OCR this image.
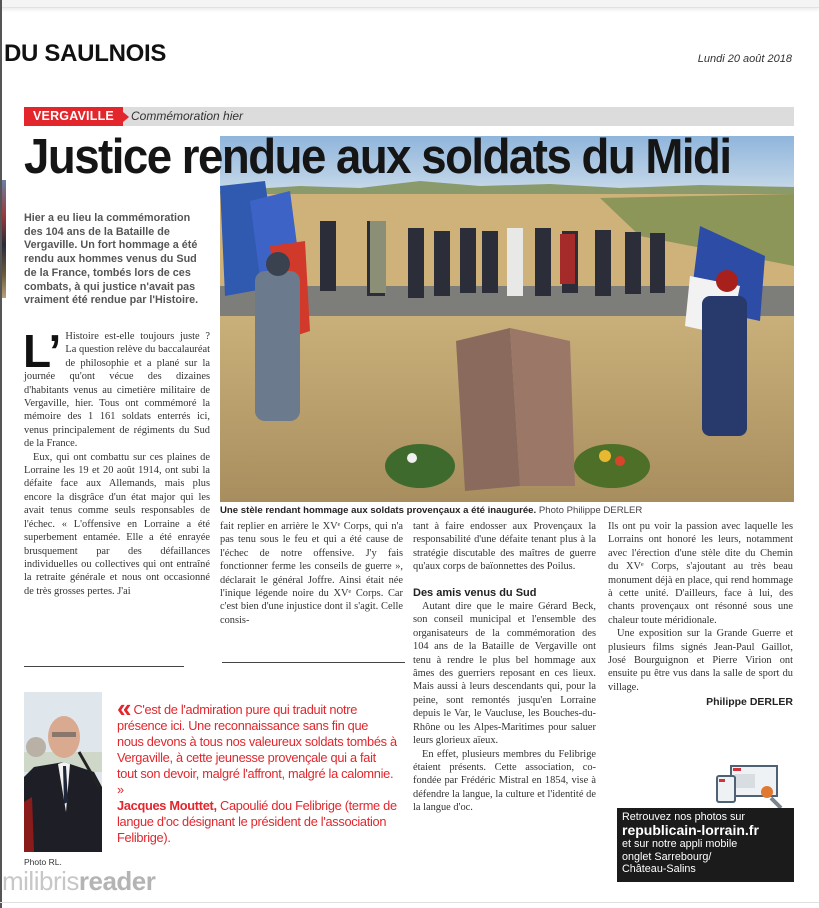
DU SAULNOIS	Lundi 20 août 2018
VERGAVILLE	Commémoration hier
Justice rendue aux soldats du Midi
Hier a eu lieu la commémoration des 104 ans de la Bataille de Vergaville. Un fort hommage a été rendu aux hommes venus du Sud de la France, tombés lors de ces combats, à qui justice n'avait pas vraiment été rendue par l'Histoire.

L’ Histoire est-elle toujours juste ? La question relève du baccalauréat de philosophie et a plané sur la journée qu'ont vécue des dizaines d'habitants venus au cimetière militaire de Vergaville, hier. Tous ont commémoré la mémoire des 1 161 soldats enterrés ici, venus principalement de régiments du Sud de la France.

Eux, qui ont combattu sur ces plaines de Lorraine les 19 et 20 août 1914, ont subi la défaite face aux Allemands, mais plus encore la disgrâce d'un état major qui les avait tenus comme seuls responsables de l'échec. « L'offensive en Lorraine a été superbement entamée. Elle a été enrayée brusquement par des défaillances individuelles ou collectives qui ont entraîné la retraite générale et nous ont occasionné de très grosses pertes. J'ai

Une stèle rendant hommage aux soldats provençaux a été inaugurée. Photo Philippe DERLER

fait replier en arrière le XVᵉ Corps, qui n'a pas tenu sous le feu et qui a été cause de l'échec de notre offensive. J'y fais fonctionner ferme les conseils de guerre », déclarait le général Joffre. Ainsi était née l'inique légende noire du XVᵉ Corps. Car c'est bien d'une injustice dont il s'agit. Celle consis-

tant à faire endosser aux Provençaux la responsabilité d'une défaite tenant plus à la stratégie discutable des maîtres de guerre qu'aux corps de baïonnettes des Poilus.

Des amis venus du Sud

Autant dire que le maire Gérard Beck, son conseil municipal et l'ensemble des organisateurs de la commémoration des 104 ans de la Bataille de Vergaville ont tenu à rendre le plus bel hommage aux âmes des guerriers reposant en ces lieux. Mais aussi à leurs descendants qui, pour la peine, sont remontés jusqu'en Lorraine depuis le Var, le Vaucluse, les Bouches-du-Rhône ou les Alpes-Maritimes pour saluer leurs glorieux aïeux.

En effet, plusieurs membres du Felibrige étaient présents. Cette association, co-fondée par Frédéric Mistral en 1854, vise à défendre la langue, la culture et l'identité de la langue d'oc.

Ils ont pu voir la passion avec laquelle les Lorrains ont honoré les leurs, notamment avec l'érection d'une stèle dite du Chemin du XVᵉ Corps, s'ajoutant au très beau monument déjà en place, qui rend hommage à cette unité. D'ailleurs, face à lui, des chants provençaux ont résonné sous une chaleur toute méridionale.

Une exposition sur la Grande Guerre et plusieurs films signés Jean-Paul Gaillot, José Bourguignon et Pierre Virion ont ensuite pu être vus dans la salle de sport du village.

Philippe DERLER
Photo RL.
« C'est de l'admiration pure qui traduit notre présence ici. Une reconnaissance sans fin que nous devons à tous nos valeureux soldats tombés à Vergaville, à cette jeunesse provençale qui a fait tout son devoir, malgré l'affront, malgré la calomnie. »
Jacques Mouttet, Capoulié dou Felibrige (terme de langue d'oc désignant le président de l'association Felibrige).
Retrouvez nos photos sur
republicain-lorrain.fr
et sur notre appli mobile
onglet Sarrebourg/
Château-Salins
milibrisreader
